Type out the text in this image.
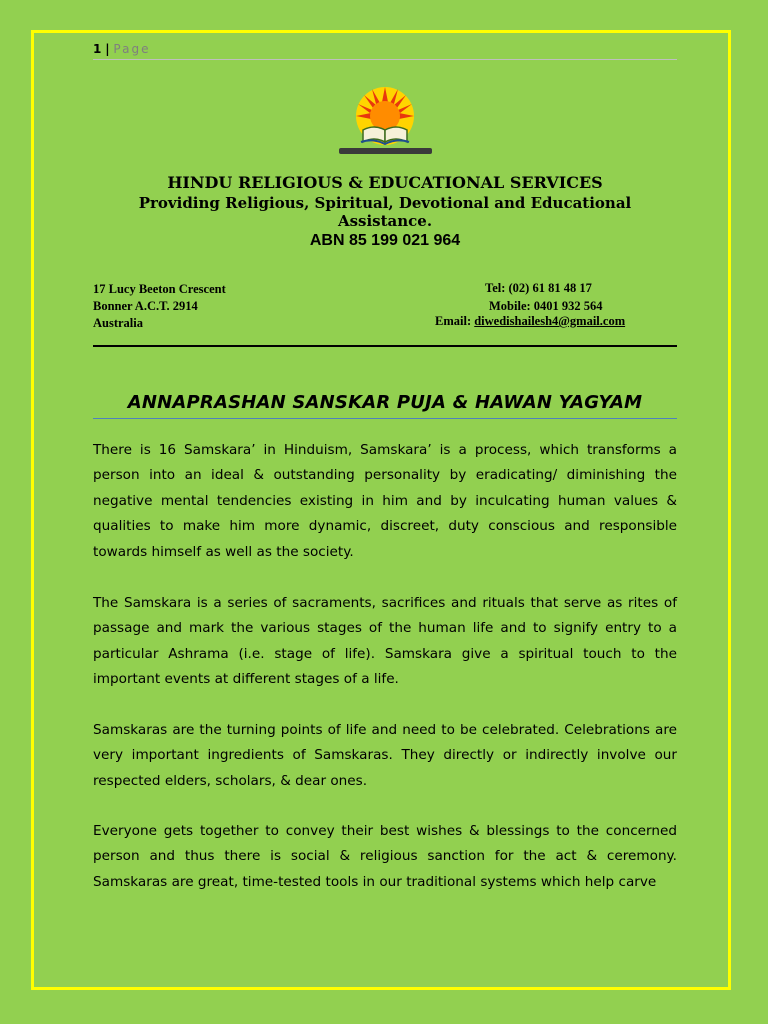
1 | Page
HINDU RELIGIOUS & EDUCATIONAL SERVICES
Providing Religious, Spiritual, Devotional and Educational Assistance.
ABN 85 199 021 964
17 Lucy Beeton Crescent
Bonner A.C.T. 2914
Australia
Tel: (02) 61 81 48 17
Mobile: 0401 932 564
Email: diwedishailesh4@gmail.com
ANNAPRASHAN SANSKAR PUJA & HAWAN YAGYAM
There is 16 Samskara’ in Hinduism, Samskara’ is a process, which transforms a person into an ideal & outstanding personality by eradicating/ diminishing the negative mental tendencies existing in him and by inculcating human values & qualities to make him more dynamic, discreet, duty conscious and responsible towards himself as well as the society.
The Samskara is a series of sacraments, sacrifices and rituals that serve as rites of passage and mark the various stages of the human life and to signify entry to a particular Ashrama (i.e. stage of life). Samskara give a spiritual touch to the important events at different stages of a life.
Samskaras are the turning points of life and need to be celebrated. Celebrations are very important ingredients of Samskaras. They directly or indirectly involve our respected elders, scholars, & dear ones.
Everyone gets together to convey their best wishes & blessings to the concerned person and thus there is social & religious sanction for the act & ceremony. Samskaras are great, time-tested tools in our traditional systems which help carve
